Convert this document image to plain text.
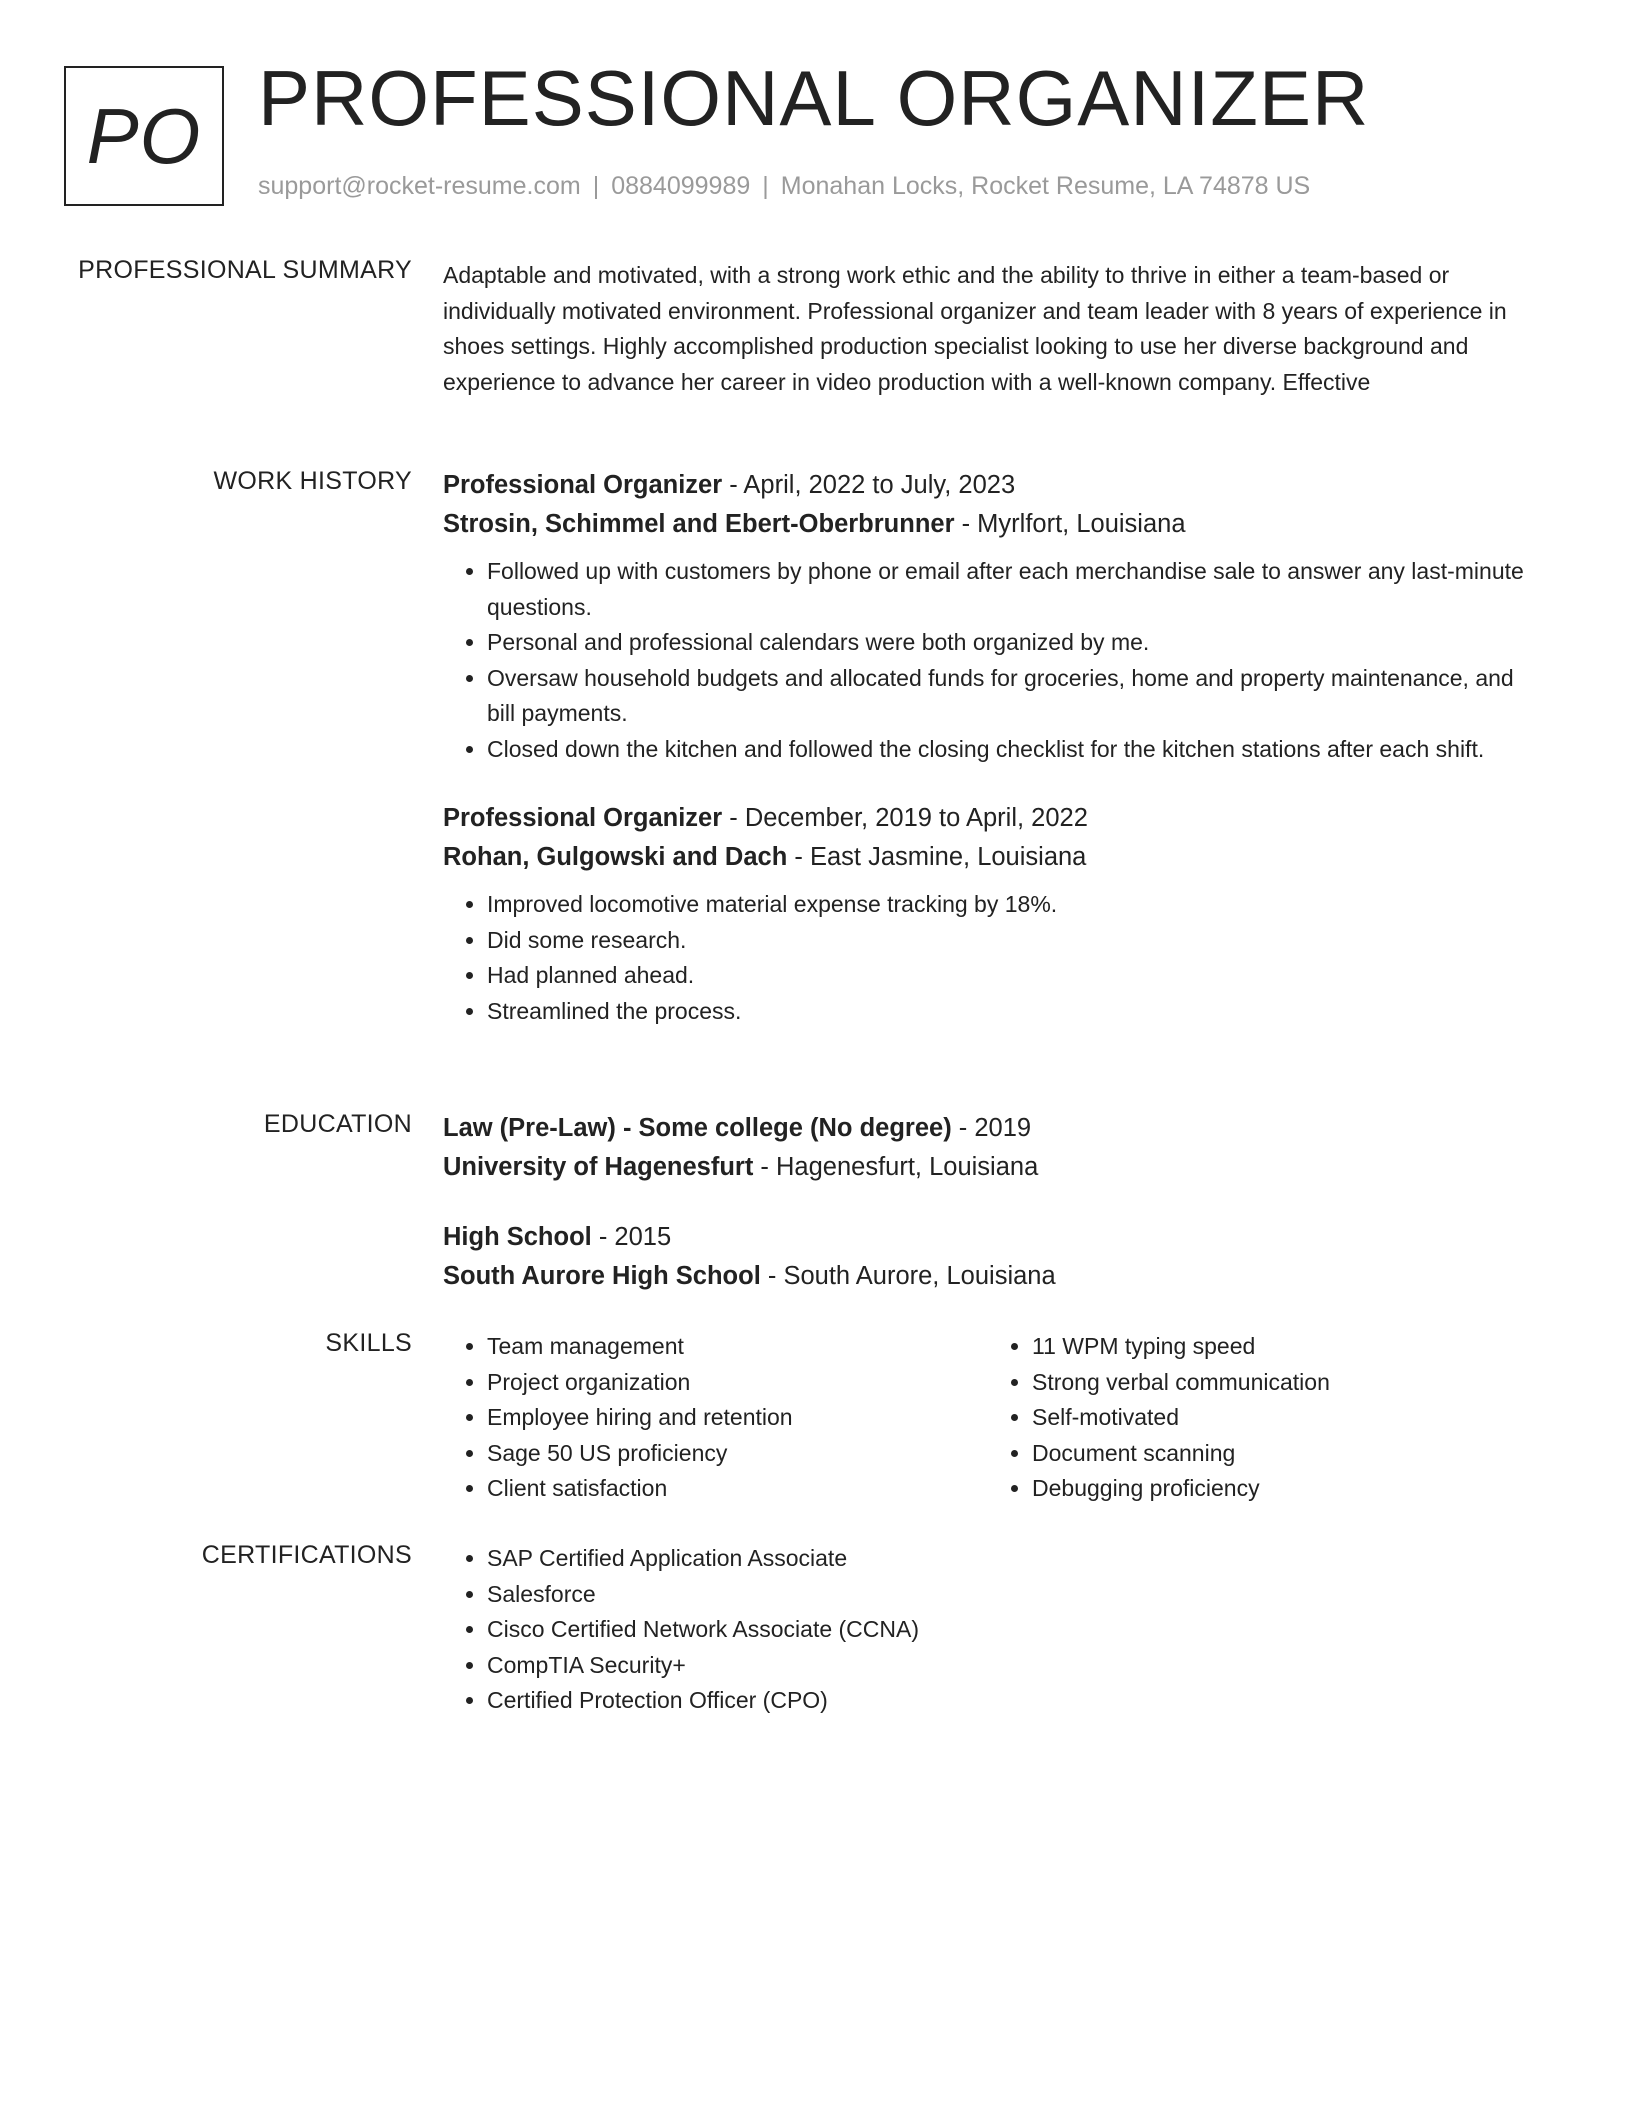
PO PROFESSIONAL ORGANIZER
support@rocket-resume.com | 0884099989 | Monahan Locks, Rocket Resume, LA 74878 US
PROFESSIONAL SUMMARY Adaptable and motivated, with a strong work ethic and the ability to thrive in either a team-based or individually motivated environment. Professional organizer and team leader with 8 years of experience in shoes settings. Highly accomplished production specialist looking to use her diverse background and experience to advance her career in video production with a well-known company. Effective
WORK HISTORY Professional Organizer - April, 2022 to July, 2023
Strosin, Schimmel and Ebert-Oberbrunner - Myrlfort, Louisiana
• Followed up with customers by phone or email after each merchandise sale to answer any last-minute questions.
• Personal and professional calendars were both organized by me.
• Oversaw household budgets and allocated funds for groceries, home and property maintenance, and bill payments.
• Closed down the kitchen and followed the closing checklist for the kitchen stations after each shift.
Professional Organizer - December, 2019 to April, 2022
Rohan, Gulgowski and Dach - East Jasmine, Louisiana
• Improved locomotive material expense tracking by 18%.
• Did some research.
• Had planned ahead.
• Streamlined the process.
EDUCATION Law (Pre-Law) - Some college (No degree) - 2019
University of Hagenesfurt - Hagenesfurt, Louisiana
High School - 2015
South Aurore High School - South Aurore, Louisiana
SKILLS	• Team management
• Project organization
• Employee hiring and retention
• Sage 50 US proficiency
• Client satisfaction
• 11 WPM typing speed
• Strong verbal communication
• Self-motivated
• Document scanning
• Debugging proficiency
CERTIFICATIONS	• SAP Certified Application Associate
• Salesforce
• Cisco Certified Network Associate (CCNA)
• CompTIA Security+
• Certified Protection Officer (CPO)
